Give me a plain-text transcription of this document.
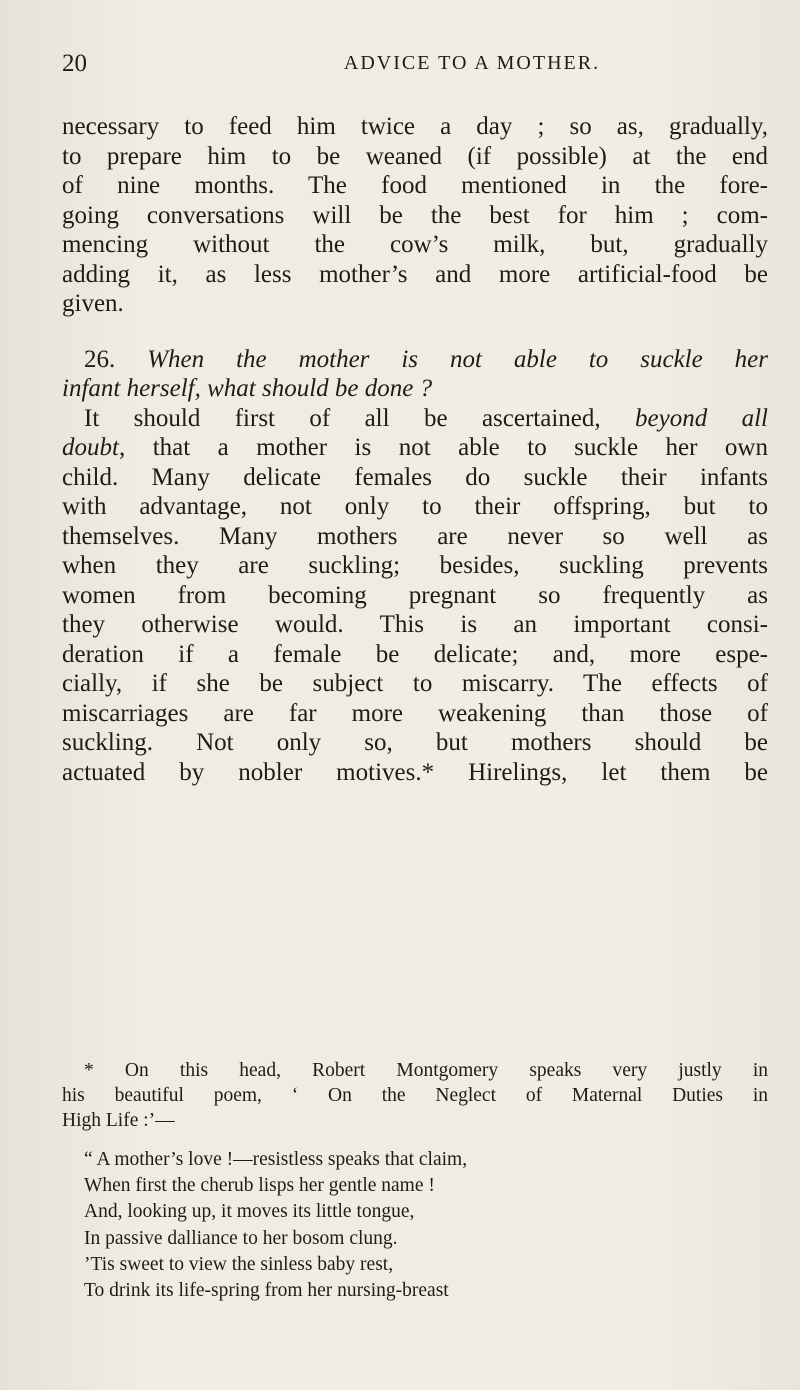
20	ADVICE TO A MOTHER.
necessary to feed him twice a day ; so as, gradually,
to prepare him to be weaned (if possible) at the end
of nine months. The food mentioned in the fore-
going conversations will be the best for him ; com-
mencing without the cow’s milk, but, gradually
adding it, as less mother’s and more artificial-food be
given.
26. When the mother is not able to suckle her
infant herself, what should be done ?
It should first of all be ascertained, beyond all
doubt, that a mother is not able to suckle her own
child. Many delicate females do suckle their infants
with advantage, not only to their offspring, but to
themselves. Many mothers are never so well as
when they are suckling; besides, suckling prevents
women from becoming pregnant so frequently as
they otherwise would. This is an important consi-
deration if a female be delicate; and, more espe-
cially, if she be subject to miscarry. The effects of
miscarriages are far more weakening than those of
suckling. Not only so, but mothers should be
actuated by nobler motives.* Hirelings, let them be
* On this head, Robert Montgomery speaks very justly in
his beautiful poem, ‘ On the Neglect of Maternal Duties in
High Life :’—
“ A mother’s love !—resistless speaks that claim,
When first the cherub lisps her gentle name !
And, looking up, it moves its little tongue,
In passive dalliance to her bosom clung.
’Tis sweet to view the sinless baby rest,
To drink its life-spring from her nursing-breast
